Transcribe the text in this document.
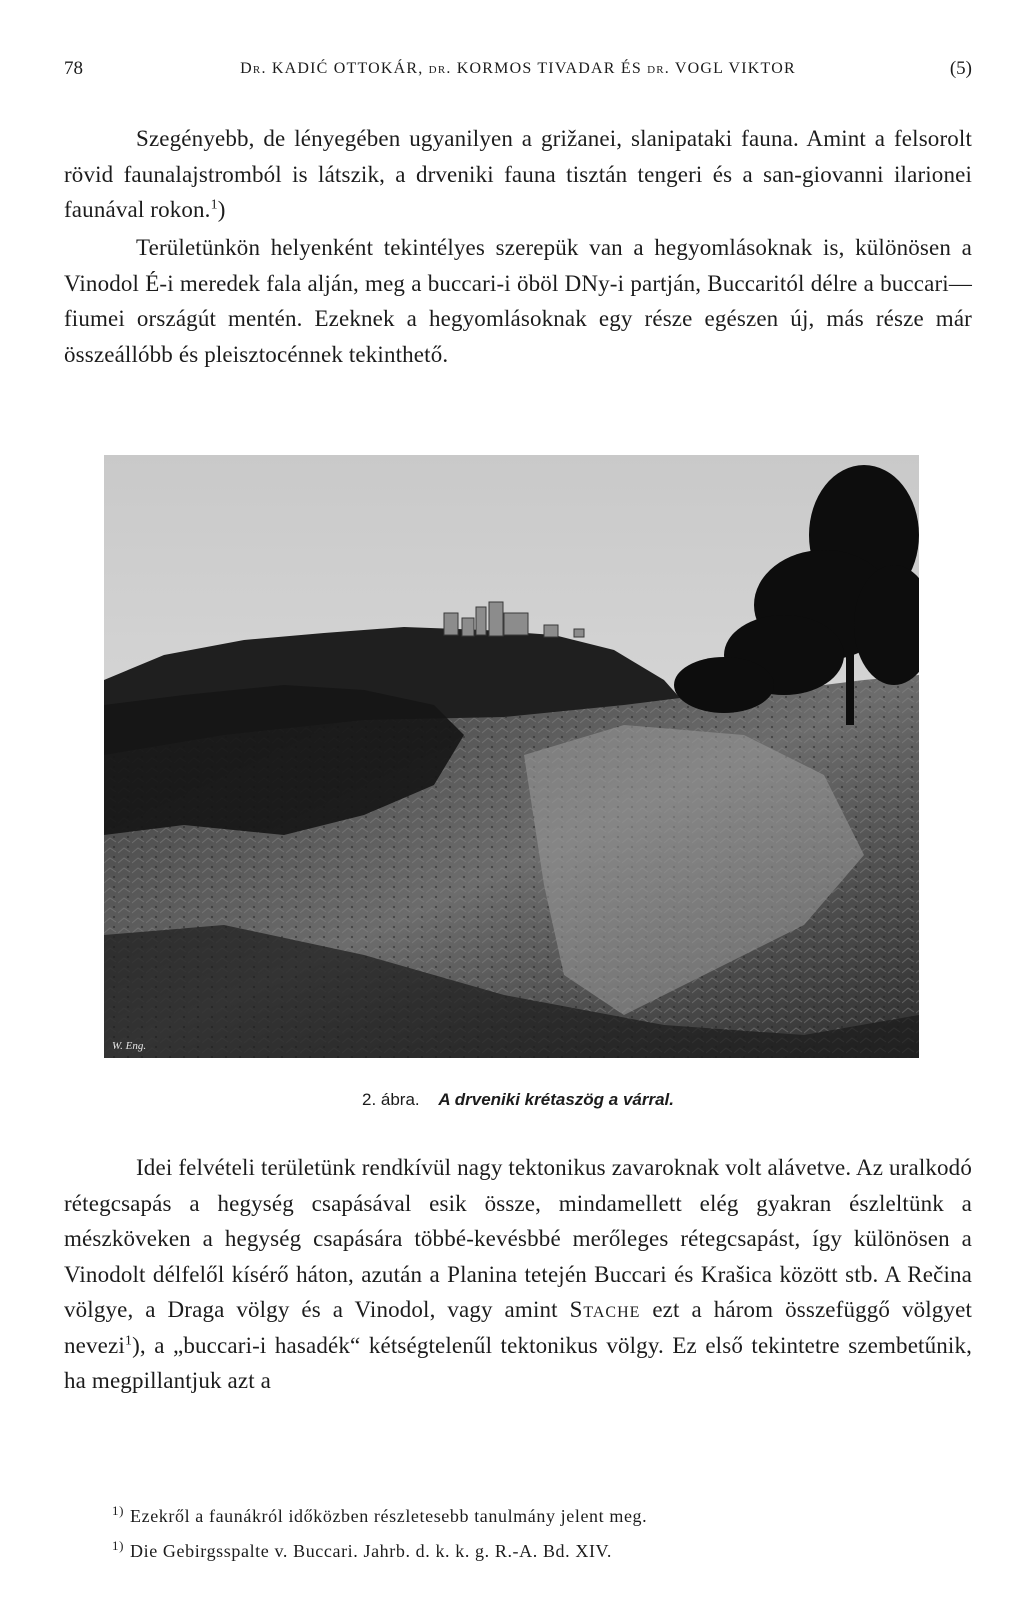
78	Dr. KADIĆ OTTOKÁR, dr. KORMOS TIVADAR ÉS dr. VOGL VIKTOR	(5)

Szegényebb, de lényegében ugyanilyen a grižanei, slanipataki fauna. Amint a felsorolt rövid faunalajstromból is látszik, a drveniki fauna tisztán tengeri és a san-giovanni ilarionei faunával rokon.$^1$)

Területünkön helyenként tekintélyes szerepük van a hegyomlásoknak is, különösen a Vinodol É-i meredek fala alján, meg a buccari-i öböl DNy-i partján, Buccaritól délre a buccari—fiumei országút mentén. Ezeknek a hegyomlásoknak egy része egészen új, más része már összeállóbb és pleisztocénnek tekinthető.

W. Eng.
2. ábra. A drveniki krétaszög a várral.

Idei felvételi területünk rendkívül nagy tektonikus zavaroknak volt alávetve. Az uralkodó rétegcsapás a hegység csapásával esik össze, mindamellett elég gyakran észleltünk a mészköveken a hegység csapására többé-kevésbbé merőleges rétegcsapást, így különösen a Vinodolt délfelől kísérő háton, azután a Planina tetején Buccari és Krašica között stb. A Rečina völgye, a Draga völgy és a Vinodol, vagy amint Stache ezt a három összefüggő völgyet nevezi$^1$), a „buccari-i hasadék“ kétségtelenűl tektonikus völgy. Ez első tekintetre szembetűnik, ha megpillantjuk azt a

$^{1)}$ Ezekről a faunákról időközben részletesebb tanulmány jelent meg.
$^{1)}$ Die Gebirgsspalte v. Buccari. Jahrb. d. k. k. g. R.-A. Bd. XIV.
